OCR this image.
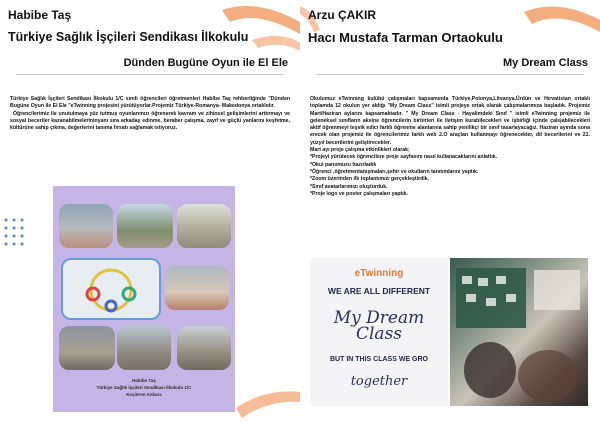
Habibe Taş
Türkiye Sağlık İşçileri Sendikası İlkokulu
Dünden Bugüne Oyun ile El Ele

Türkiye Sağlık İşçileri Sendikası İlkokulu 1/C sınıfı öğrencileri öğretmenleri Habibe Taş rehberliğinde "Dünden Bugüne Oyun ile El Ele "eTwinning projesini yürütüyorlar.Projemiz Türkiye-Romanya- Makedonya ortaklıdır.

Öğrencilerimiz ile unutulmaya yüz tutmuş oyunlarımızı öğrenerek kavram ve zihinsel gelişimlerini arttırmayı ve sosyal beceriler kazanabilmelerininyanı sıra arkadaş edinme, beraber çalışma, zayıf ve güçlü yanlarını keşfetme, kültürüne sahip çıkma, değerlerini tanıma fırsatı sağlamak istiyoruz.

Habibe Taş
Türkiye Sağlık İşçileri Sendikası İlkokulu 1/C
Keçiören Ankara
Arzu ÇAKIR
Hacı Mustafa Tarman Ortaokulu
My Dream Class
Okulumuz eTwinning kulübü çalışmaları kapsamında Türkiye,Polonya,Litvanya,Ürdün ve Hırvatistan ortaklı toplamda 12 okulun yer aldığı "My Dream Class" isimli projeye ortak olarak çalışmalarımıza başladık. Projemiz Mart/Haziran aylarını kapsamaktadır. " My Dream Class - Hayalimdeki Sınıf " isimli eTwinning projemiz ile geleneksel sınıfların aksine öğrencilerin birbirleri ile iletişim kurabilecekleri ve işbirliği içinde çalışabilecekleri aktif öğrenmeyi teşvik edici farklı öğrenme alanlarına sahip yenilikçi bir sınıf tasarlayacağız. Haziran ayında sona erecek olan projemiz ile öğrencilerimiz farklı web 2.O araçları kullanmayı öğrenecekler, dil becerilerini ve 21. yüzyıl becerilerini geliştirecekler.
Mart ayı proje çalışma etkinlikleri olarak;
*Projeyi yürütecek öğrencilere proje sayfasını nasıl kullanacaklarını anlattık.
*Okul panomuzu hazırladık
*Öğrenci ,öğretmentanışmaları,şehir ve okulların tanıtımlarını yaptık.
*Zoom üzerinden ilk toplantımızı gerçekleştirdik.
*Sınıf avatarlarımızı oluşturduk.
*Proje logo ve poster çalışmaları yaptık.
eTwinning
WE ARE ALL DIFFERENT
My Dream Class
BUT IN THIS CLASS WE GRO
together
